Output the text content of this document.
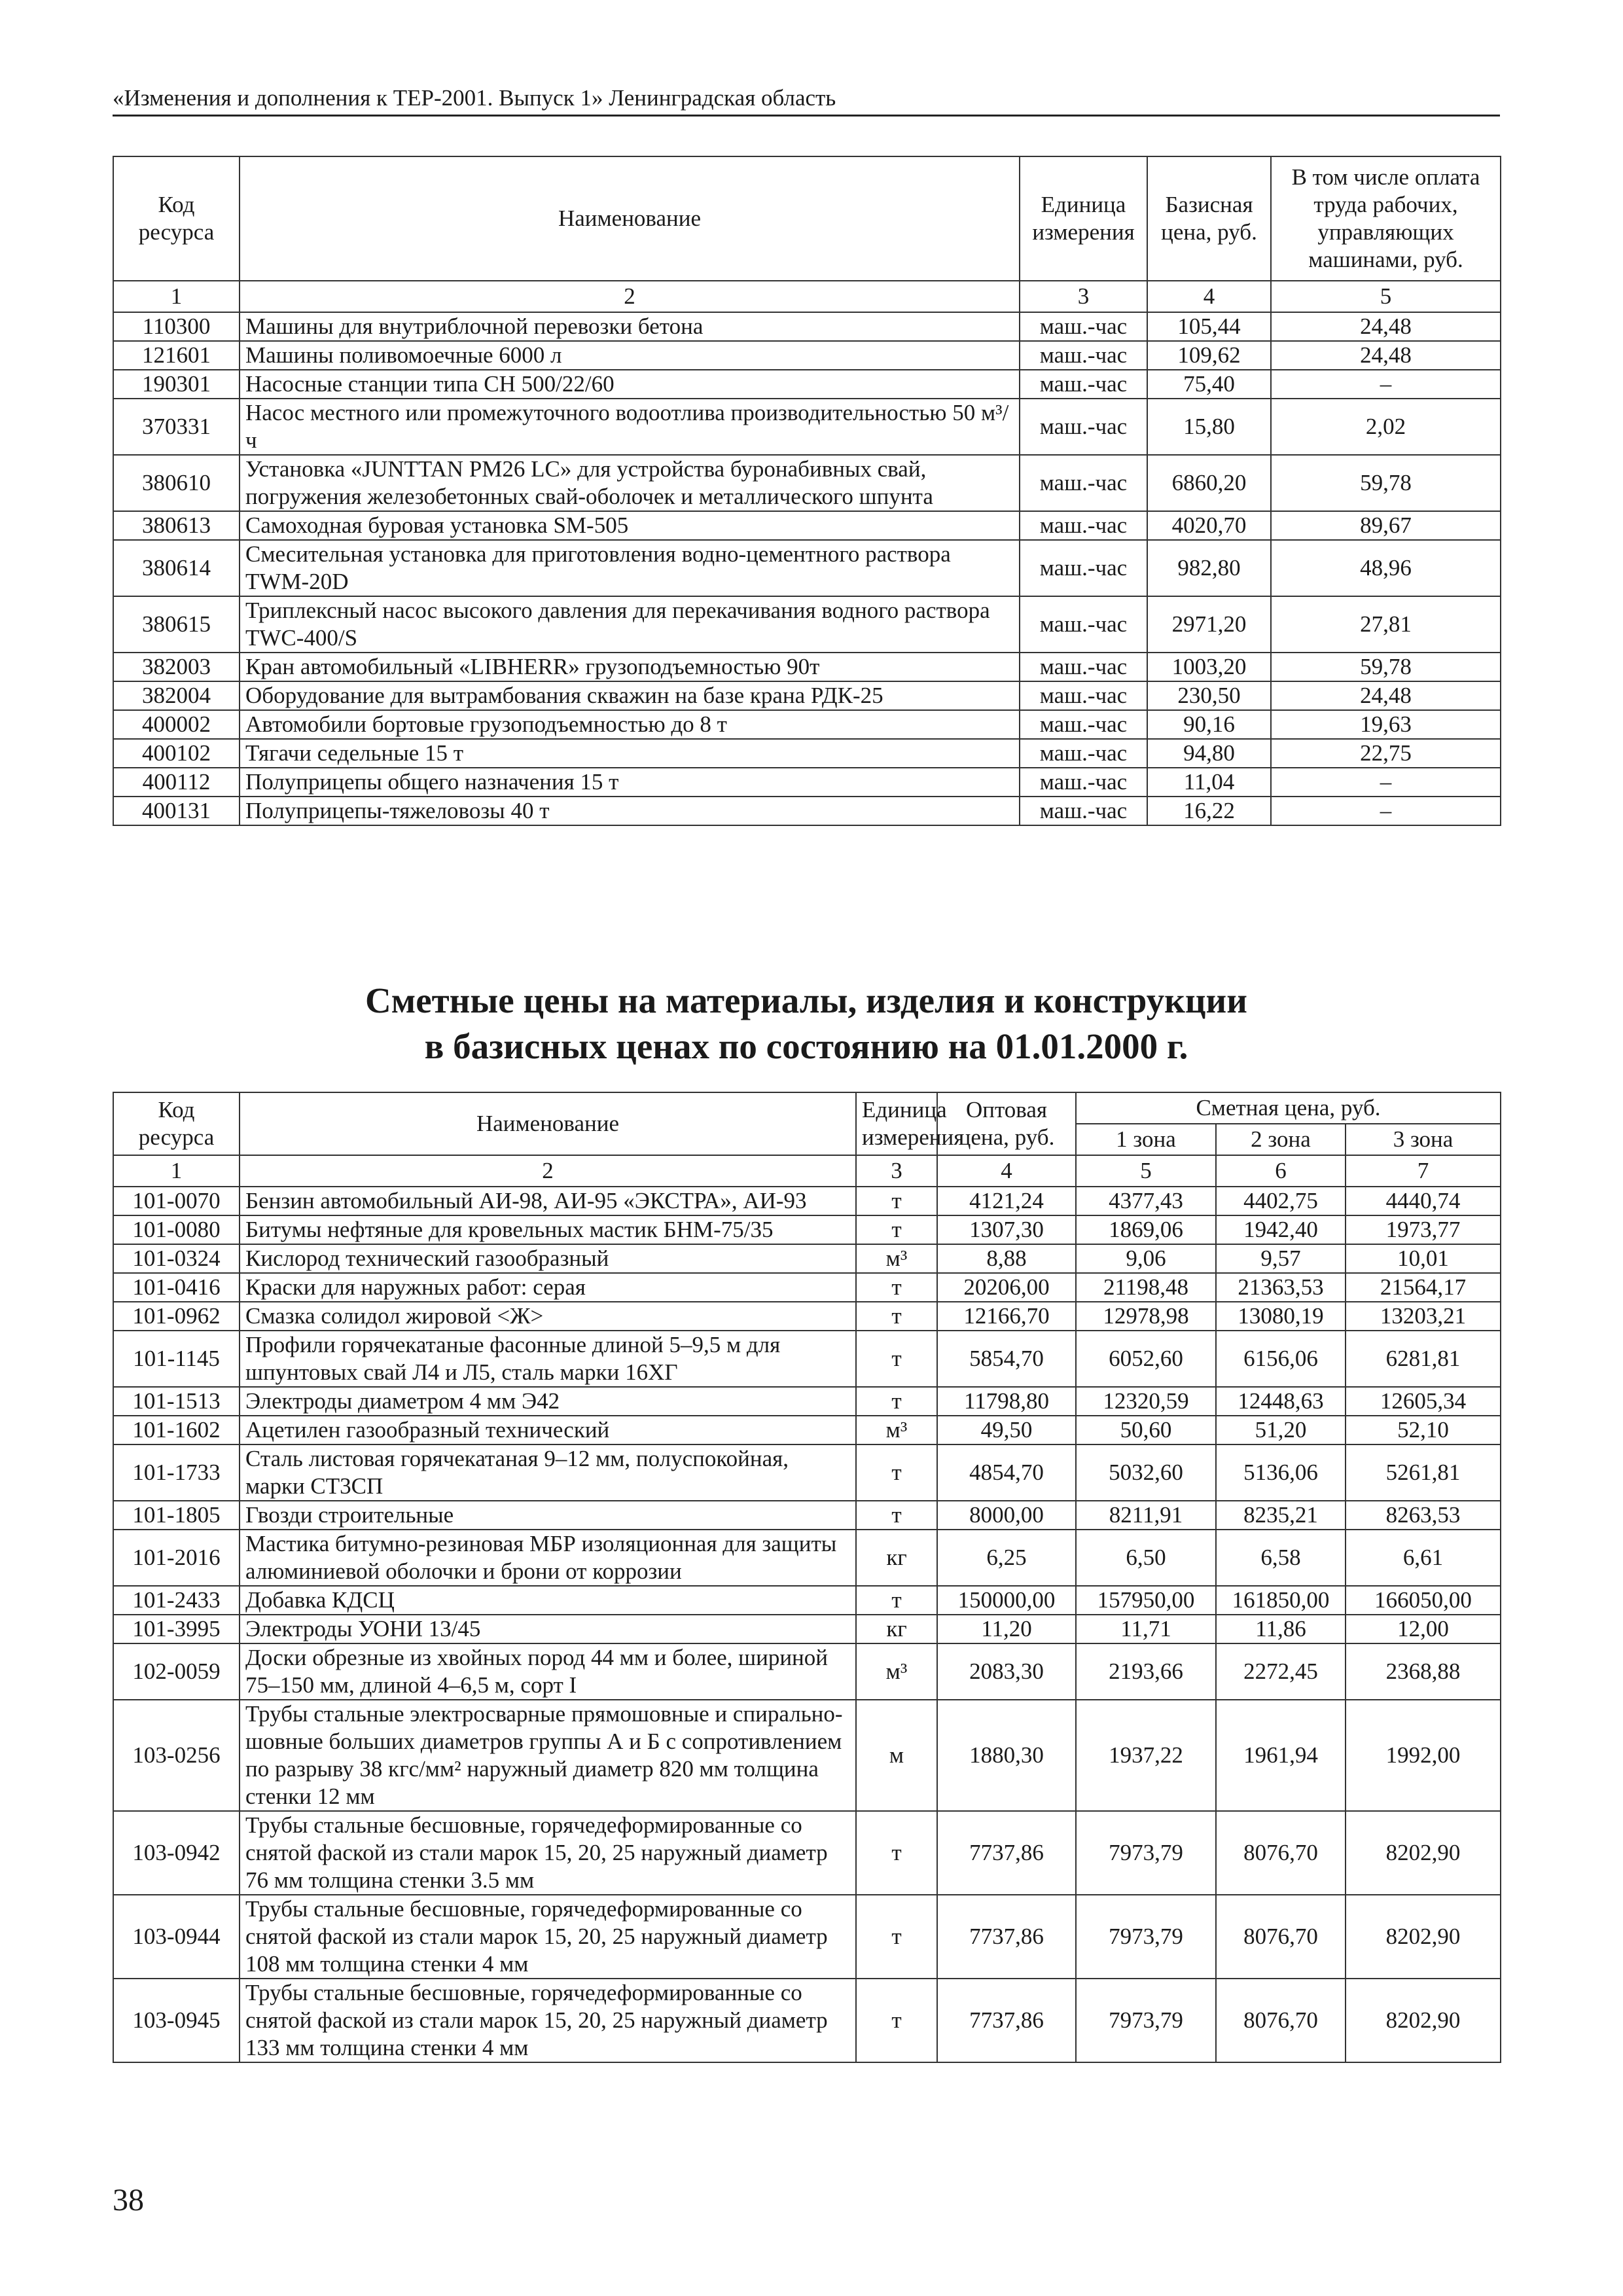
«Изменения и дополнения к ТЕР-2001. Выпуск 1» Ленинградская область
Код ресурса	Наименование	Единица измерения	Базисная цена, руб.	В том числе оплата труда рабочих, управляющих машинами, руб.
1	2	3	4	5
110300	Машины для внутриблочной перевозки бетона	маш.-час	105,44	24,48
121601	Машины поливомоечные 6000 л	маш.-час	109,62	24,48
190301	Насосные станции типа СН 500/22/60	маш.-час	75,40	–
370331	Насос местного или промежуточного водоотлива производительностью 50 м³/ч	маш.-час	15,80	2,02
380610	Установка «JUNTTAN PM26 LC» для устройства буронабивных свай, погружения железобетонных свай-оболочек и металлического шпунта	маш.-час	6860,20	59,78
380613	Самоходная буровая установка SM-505	маш.-час	4020,70	89,67
380614	Смесительная установка для приготовления водно-цементного раствора TWM-20D	маш.-час	982,80	48,96
380615	Триплексный насос высокого давления для перекачивания водного раствора TWC-400/S	маш.-час	2971,20	27,81
382003	Кран автомобильный «LIBHERR» грузоподъемностью 90т	маш.-час	1003,20	59,78
382004	Оборудование для вытрамбования скважин на базе крана РДК-25	маш.-час	230,50	24,48
400002	Автомобили бортовые грузоподъемностью до 8 т	маш.-час	90,16	19,63
400102	Тягачи седельные 15 т	маш.-час	94,80	22,75
400112	Полуприцепы общего назначения 15 т	маш.-час	11,04	–
400131	Полуприцепы-тяжеловозы 40 т	маш.-час	16,22	–
Сметные цены на материалы, изделия и конструкции
в базисных ценах по состоянию на 01.01.2000 г.
Код ресурса	Наименование	Единица измерения	Оптовая цена, руб.	Сметная цена, руб.		
				1 зона	2 зона	3 зона
1	2	3	4	5	6	7
101-0070	Бензин автомобильный АИ-98, АИ-95 «ЭКСТРА», АИ-93	т	4121,24	4377,43	4402,75	4440,74
101-0080	Битумы нефтяные для кровельных мастик БНМ-75/35	т	1307,30	1869,06	1942,40	1973,77
101-0324	Кислород технический газообразный	м³	8,88	9,06	9,57	10,01
101-0416	Краски для наружных работ: серая	т	20206,00	21198,48	21363,53	21564,17
101-0962	Смазка солидол жировой <Ж>	т	12166,70	12978,98	13080,19	13203,21
101-1145	Профили горячекатаные фасонные длиной 5–9,5 м для шпунтовых свай Л4 и Л5, сталь марки 16ХГ	т	5854,70	6052,60	6156,06	6281,81
101-1513	Электроды диаметром 4 мм Э42	т	11798,80	12320,59	12448,63	12605,34
101-1602	Ацетилен газообразный технический	м³	49,50	50,60	51,20	52,10
101-1733	Сталь листовая горячекатаная 9–12 мм, полуспокойная, марки СТ3СП	т	4854,70	5032,60	5136,06	5261,81
101-1805	Гвозди строительные	т	8000,00	8211,91	8235,21	8263,53
101-2016	Мастика битумно-резиновая МБР изоляционная для защиты алюминиевой оболочки и брони от коррозии	кг	6,25	6,50	6,58	6,61
101-2433	Добавка КДСЦ	т	150000,00	157950,00	161850,00	166050,00
101-3995	Электроды УОНИ 13/45	кг	11,20	11,71	11,86	12,00
102-0059	Доски обрезные из хвойных пород 44 мм и более, шириной 75–150 мм, длиной 4–6,5 м, сорт I	м³	2083,30	2193,66	2272,45	2368,88
103-0256	Трубы стальные электросварные прямошовные и спирально-шовные больших диаметров группы А и Б с сопротивлением по разрыву 38 кгс/мм² наружный диаметр 820 мм толщина стенки 12 мм	м	1880,30	1937,22	1961,94	1992,00
103-0942	Трубы стальные бесшовные, горячедеформированные со снятой фаской из стали марок 15, 20, 25 наружный диаметр 76 мм толщина стенки 3.5 мм	т	7737,86	7973,79	8076,70	8202,90
103-0944	Трубы стальные бесшовные, горячедеформированные со снятой фаской из стали марок 15, 20, 25 наружный диаметр 108 мм толщина стенки 4 мм	т	7737,86	7973,79	8076,70	8202,90
103-0945	Трубы стальные бесшовные, горячедеформированные со снятой фаской из стали марок 15, 20, 25 наружный диаметр 133 мм толщина стенки 4 мм	т	7737,86	7973,79	8076,70	8202,90
38
